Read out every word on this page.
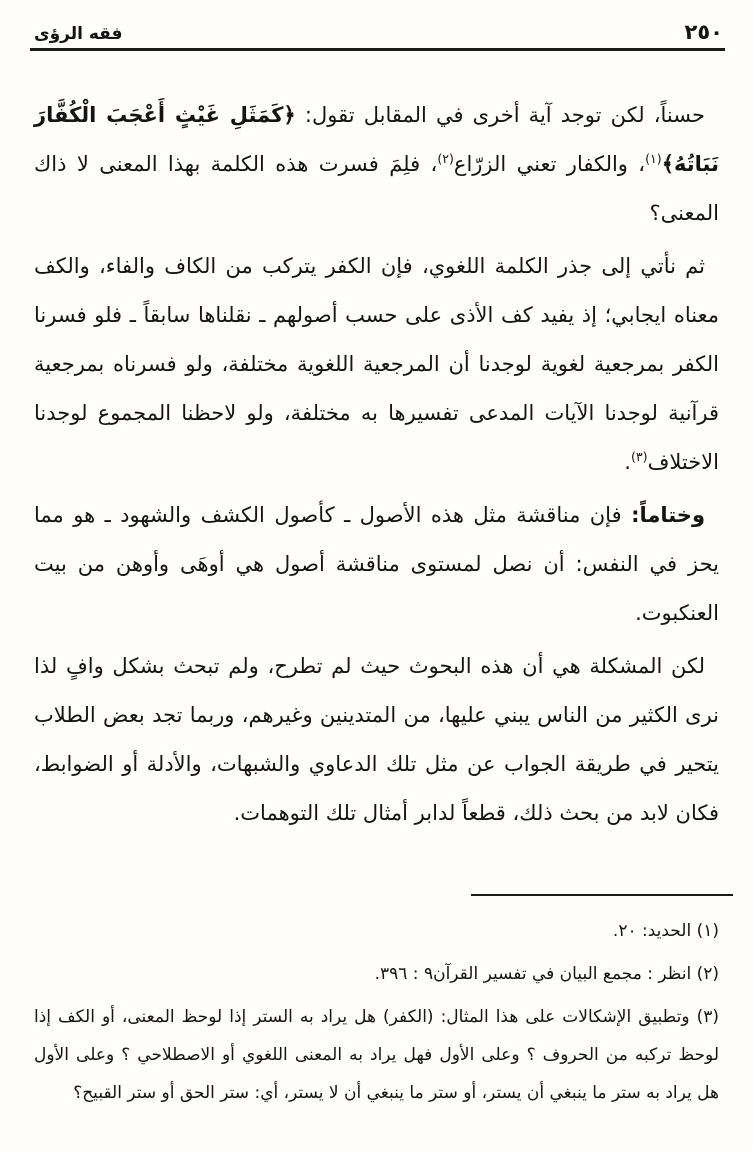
٢٥٠
فقه الرؤى

حسناً، لكن توجد آية أخرى في المقابل تقول: ﴿كَمَثَلِ غَيْثٍ أَعْجَبَ الْكُفَّارَ نَبَاتُهُ﴾$^{(١)}$، والكفار تعني الزرّاع$^{(٢)}$، فلِمَ فسرت هذه الكلمة بهذا المعنى لا ذاك المعنى؟

ثم نأتي إلى جذر الكلمة اللغوي، فإن الكفر يتركب من الكاف والفاء، والكف معناه ايجابي؛ إذ يفيد كف الأذى على حسب أصولهم ـ نقلناها سابقاً ـ فلو فسرنا الكفر بمرجعية لغوية لوجدنا أن المرجعية اللغوية مختلفة، ولو فسرناه بمرجعية قرآنية لوجدنا الآيات المدعى تفسيرها به مختلفة، ولو لاحظنا المجموع لوجدنا الاختلاف$^{(٣)}$.

وختاماً: فإن مناقشة مثل هذه الأصول ـ كأصول الكشف والشهود ـ هو مما يحز في النفس: أن نصل لمستوى مناقشة أصول هي أوهَى وأوهن من بيت العنكبوت.

لكن المشكلة هي أن هذه البحوث حيث لم تطرح، ولم تبحث بشكل وافٍ لذا نرى الكثير من الناس يبني عليها، من المتدينين وغيرهم، وربما تجد بعض الطلاب يتحير في طريقة الجواب عن مثل تلك الدعاوي والشبهات، والأدلة أو الضوابط، فكان لابد من بحث ذلك، قطعاً لدابر أمثال تلك التوهمات.

(١) الحديد: ٢٠.

(٢) انظر : مجمع البيان في تفسير القرآن٩ : ٣٩٦.

(٣) وتطبيق الإشكالات على هذا المثال: (الكفر) هل يراد به الستر إذا لوحظ المعنى، أو الكف إذا لوحظ تركبه من الحروف ؟ وعلى الأول فهل يراد به المعنى اللغوي أو الاصطلاحي ؟ وعلى الأول هل يراد به ستر ما ينبغي أن يستر، أو ستر ما ينبغي أن لا يستر، أي: ستر الحق أو ستر القبيح؟
